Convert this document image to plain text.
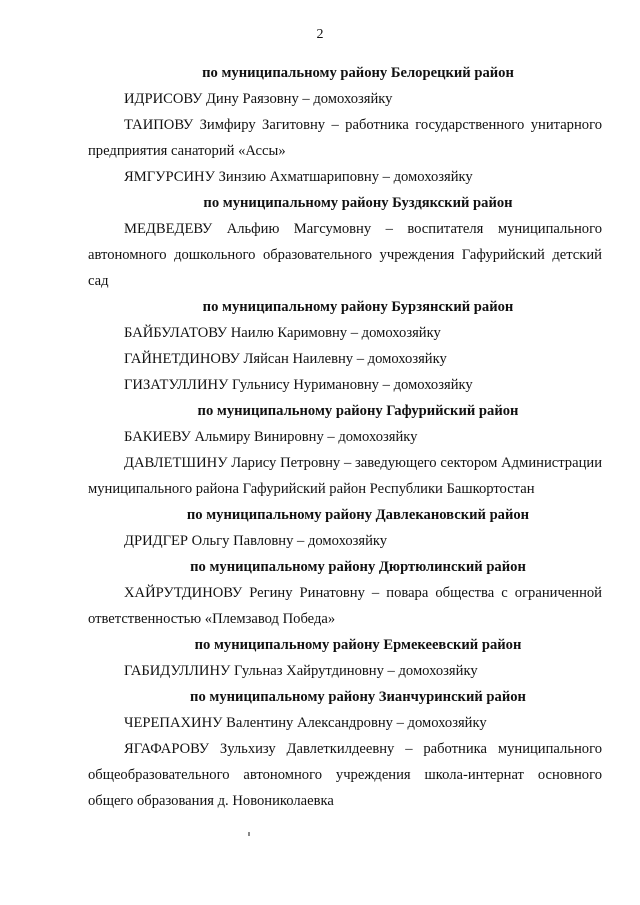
2
по муниципальному району Белорецкий район

ИДРИСОВУ Дину Раязовну – домохозяйку

ТАИПОВУ Зимфиру Загитовну – работника государственного унитарного предприятия санаторий «Ассы»

ЯМГУРСИНУ Зинзию Ахматшариповну – домохозяйку

по муниципальному району Буздякский район

МЕДВЕДЕВУ Альфию Магсумовну – воспитателя муниципального автономного дошкольного образовательного учреждения Гафурийский детский сад

по муниципальному району Бурзянский район

БАЙБУЛАТОВУ Наилю Каримовну – домохозяйку

ГАЙНЕТДИНОВУ Ляйсан Наилевну – домохозяйку

ГИЗАТУЛЛИНУ Гульнису Нуримановну – домохозяйку

по муниципальному району Гафурийский район

БАКИЕВУ Альмиру Винировну – домохозяйку

ДАВЛЕТШИНУ Ларису Петровну – заведующего сектором Администрации муниципального района Гафурийский район Республики Башкортостан

по муниципальному району Давлекановский район

ДРИДГЕР Ольгу Павловну – домохозяйку

по муниципальному району Дюртюлинский район

ХАЙРУТДИНОВУ Регину Ринатовну – повара общества с ограниченной ответственностью «Племзавод Победа»

по муниципальному району Ермекеевский район

ГАБИДУЛЛИНУ Гульназ Хайрутдиновну – домохозяйку

по муниципальному району Зианчуринский район

ЧЕРЕПАХИНУ Валентину Александровну – домохозяйку

ЯГАФАРОВУ Зульхизу Давлеткилдеевну – работника муниципального общеобразовательного автономного учреждения школа-интернат основного общего образования д. Новониколаевка
